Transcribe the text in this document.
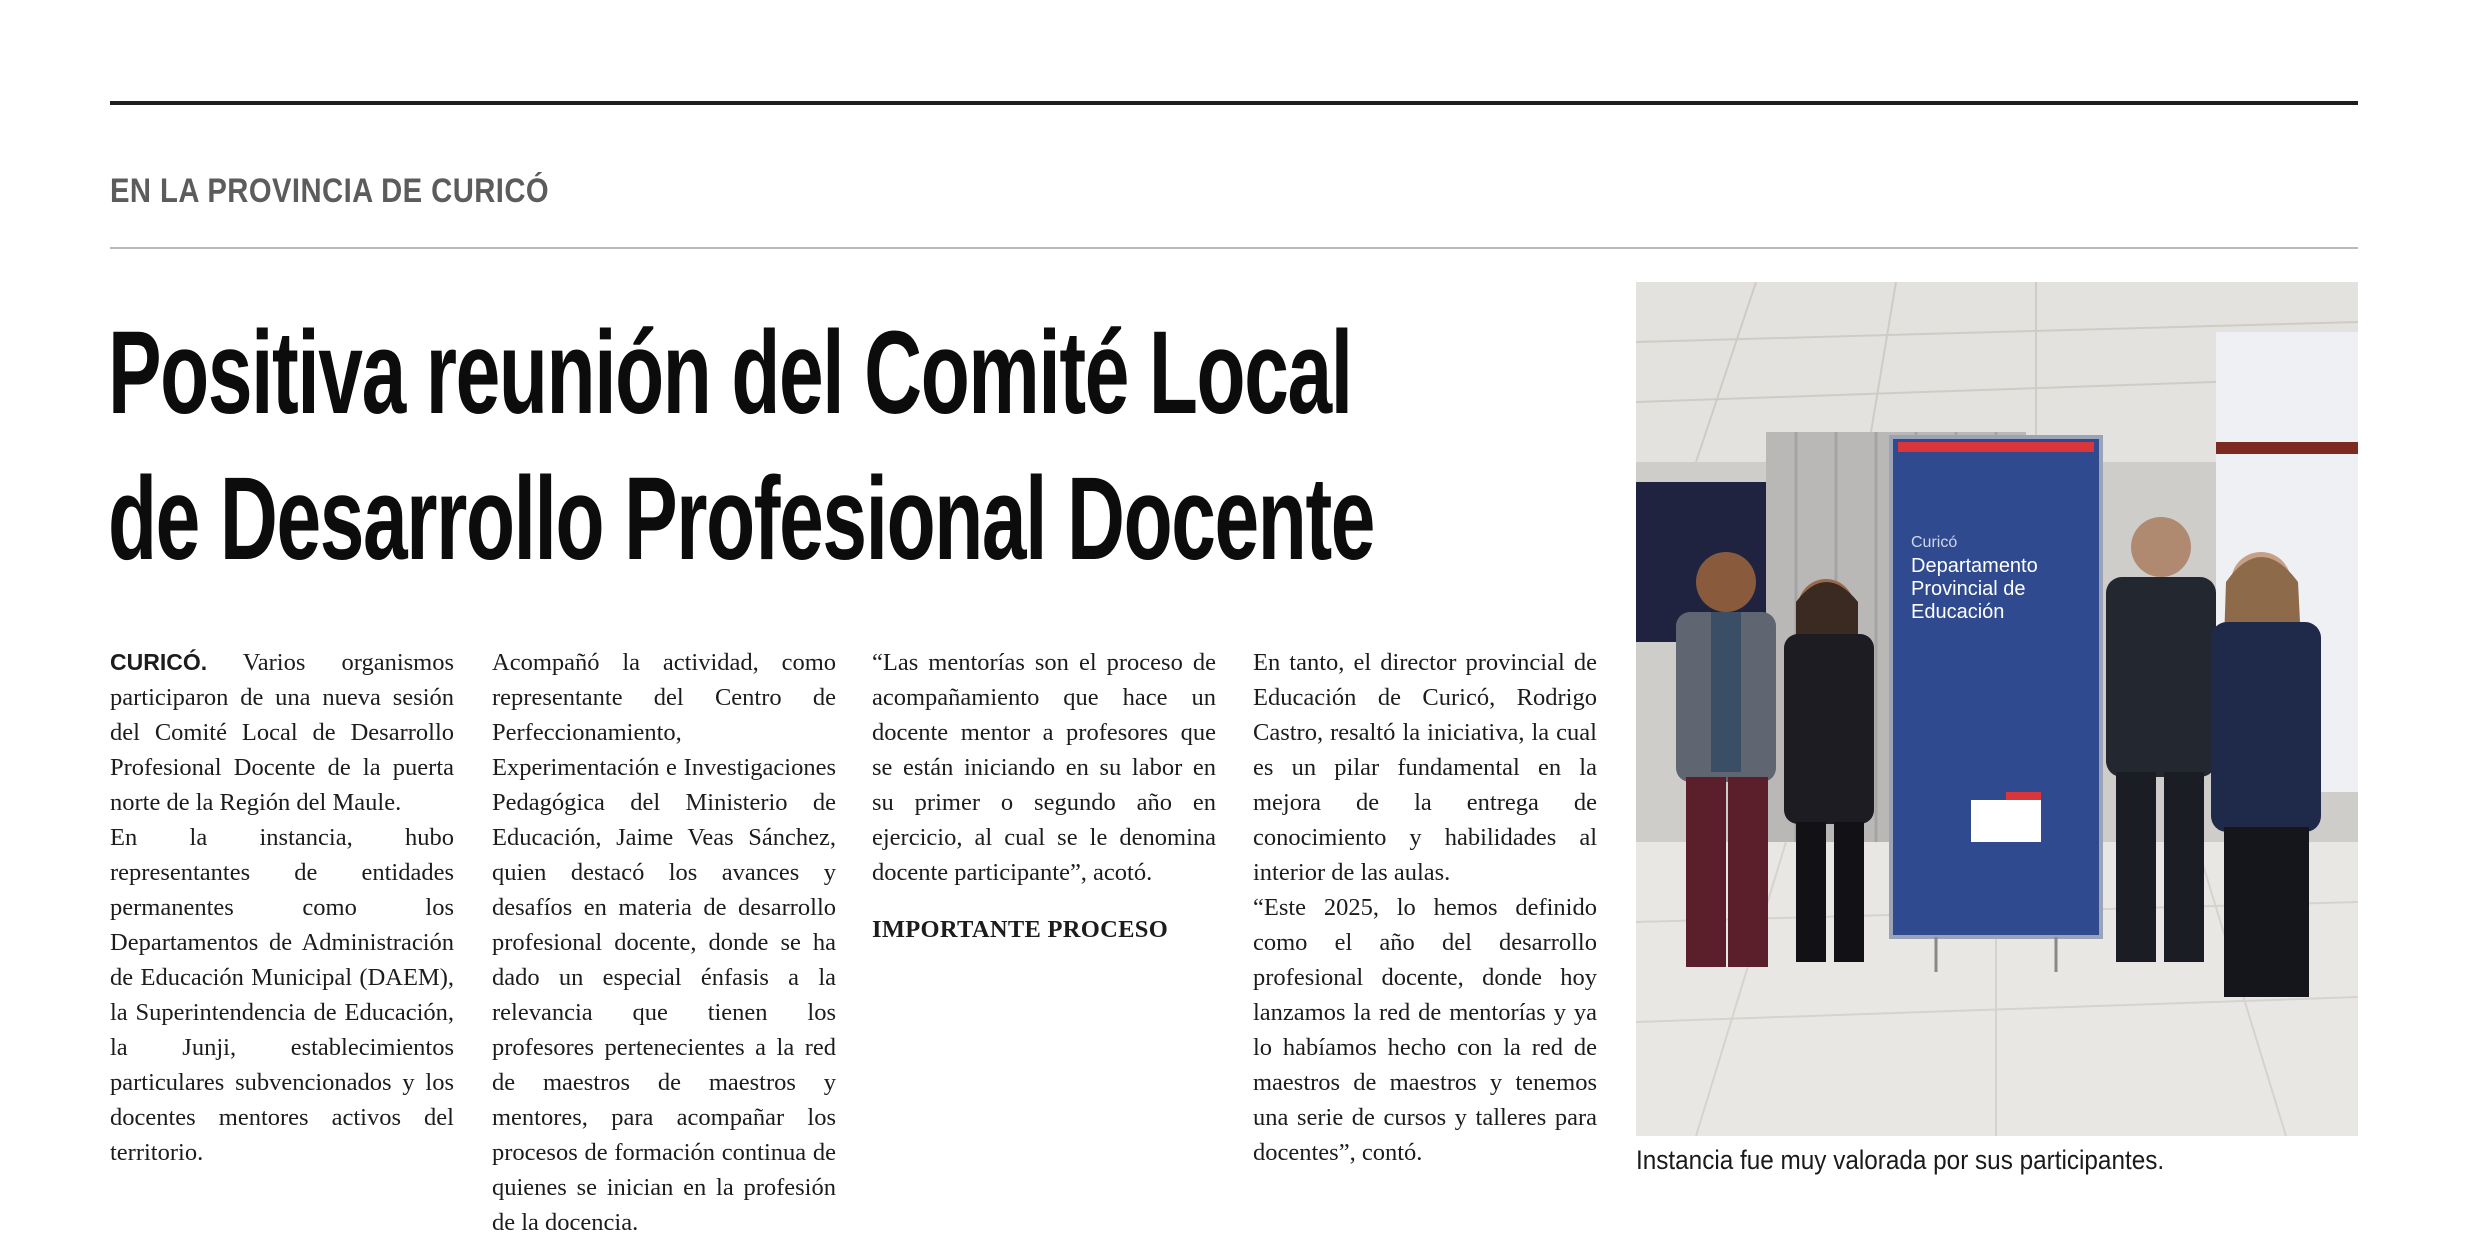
EN LA PROVINCIA DE CURICÓ
Positiva reunión del Comité Local
de Desarrollo Profesional Docente

CURICÓ. Varios organismos participaron de una nueva sesión del Comité Local de Desarrollo Profesional Docente de la puerta norte de la Región del Maule.

En la instancia, hubo representantes de entidades permanentes como los Departamentos de Administración de Educación Municipal (DAEM), la Superintendencia de Educación, la Junji, establecimientos particulares subvencionados y los docentes mentores activos del territorio.

Acompañó la actividad, como representante del Centro de Perfeccionamiento, Experimentación e Investigaciones Pedagógica del Ministerio de Educación, Jaime Veas Sánchez, quien destacó los avances y desafíos en materia de desarrollo profesional docente, donde se ha dado un especial énfasis a la relevancia que tienen los profesores pertenecientes a la red de maestros de maestros y mentores, para acompañar los procesos de formación continua de quienes se inician en la profesión de la docencia.

“Las mentorías son el proceso de acompañamiento que hace un docente mentor a profesores que se están iniciando en su labor en su primer o segundo año en ejercicio, al cual se le denomina docente participante”, acotó.

IMPORTANTE PROCESO

En tanto, el director provincial de Educación de Curicó, Rodrigo Castro, resaltó la iniciativa, la cual es un pilar fundamental en la mejora de la entrega de conocimiento y habilidades al interior de las aulas.

“Este 2025, lo hemos definido como el año del desarrollo profesional docente, donde hoy lanzamos la red de mentorías y ya lo habíamos hecho con la red de maestros de maestros y tenemos una serie de cursos y talleres para docentes”, contó.

Curicó
Departamento
Provincial de
Educación
Instancia fue muy valorada por sus participantes.
